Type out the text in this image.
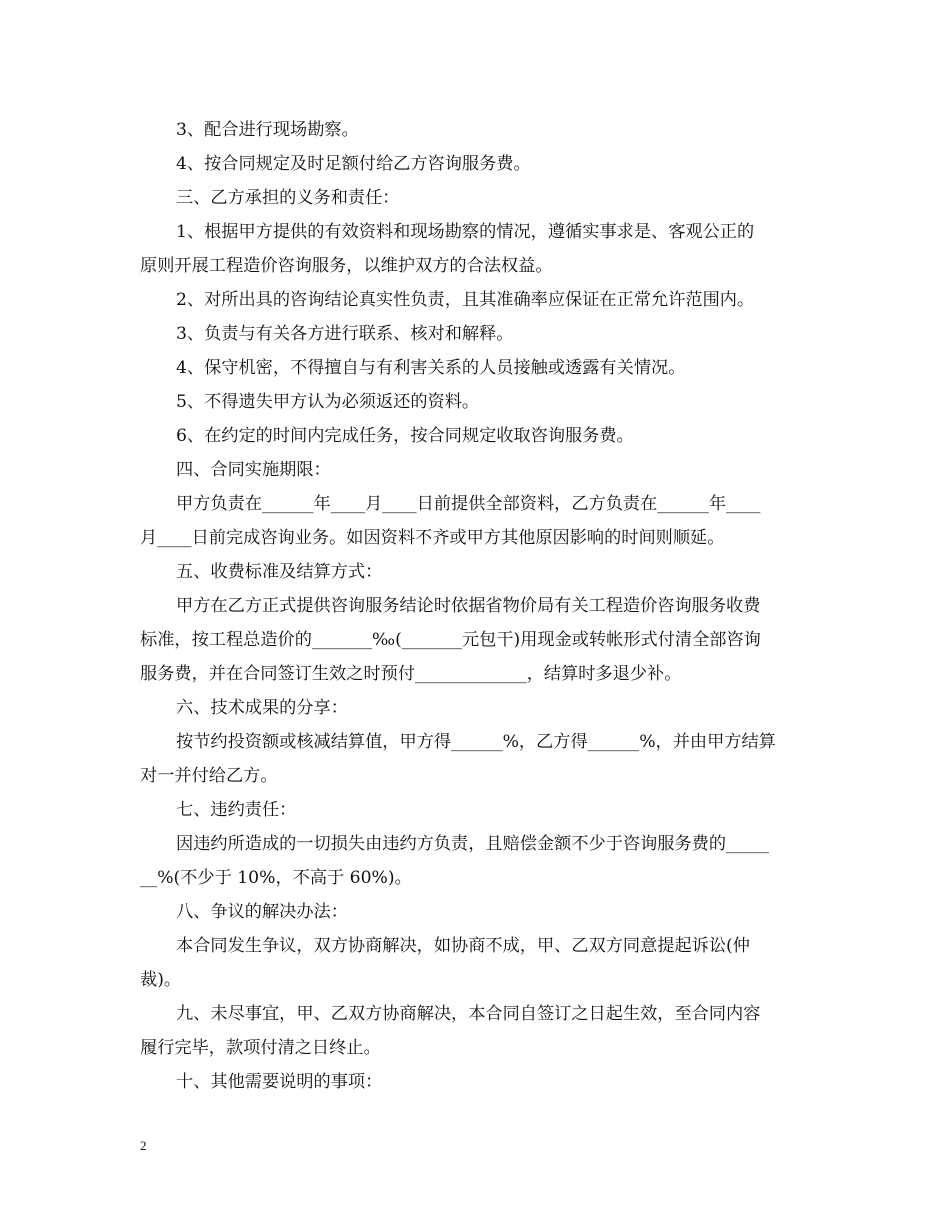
3、配合进行现场勘察。
4、按合同规定及时足额付给乙方咨询服务费。
三、乙方承担的义务和责任：
1、根据甲方提供的有效资料和现场勘察的情况，遵循实事求是、客观公正的
原则开展工程造价咨询服务，以维护双方的合法权益。
2、对所出具的咨询结论真实性负责，且其准确率应保证在正常允许范围内。
3、负责与有关各方进行联系、核对和解释。
4、保守机密，不得擅自与有利害关系的人员接触或透露有关情况。
5、不得遗失甲方认为必须返还的资料。
6、在约定的时间内完成任务，按合同规定收取咨询服务费。
四、合同实施期限：
甲方负责在______年____月____日前提供全部资料，乙方负责在______年____
月____日前完成咨询业务。如因资料不齐或甲方其他原因影响的时间则顺延。
五、收费标准及结算方式：
甲方在乙方正式提供咨询服务结论时依据省物价局有关工程造价咨询服务收费
标准，按工程总造价的_______‰(_______元包干)用现金或转帐形式付清全部咨询
服务费，并在合同签订生效之时预付_____________，结算时多退少补。
六、技术成果的分享：
按节约投资额或核减结算值，甲方得______%，乙方得______%，并由甲方结算
对一并付给乙方。
七、违约责任：
因违约所造成的一切损失由违约方负责，且赔偿金额不少于咨询服务费的_____
__%(不少于 10%，不高于 60%)。
八、争议的解决办法：
本合同发生争议，双方协商解决，如协商不成，甲、乙双方同意提起诉讼(仲
裁)。
九、未尽事宜，甲、乙双方协商解决，本合同自签订之日起生效，至合同内容
履行完毕，款项付清之日终止。
十、其他需要说明的事项：
2
